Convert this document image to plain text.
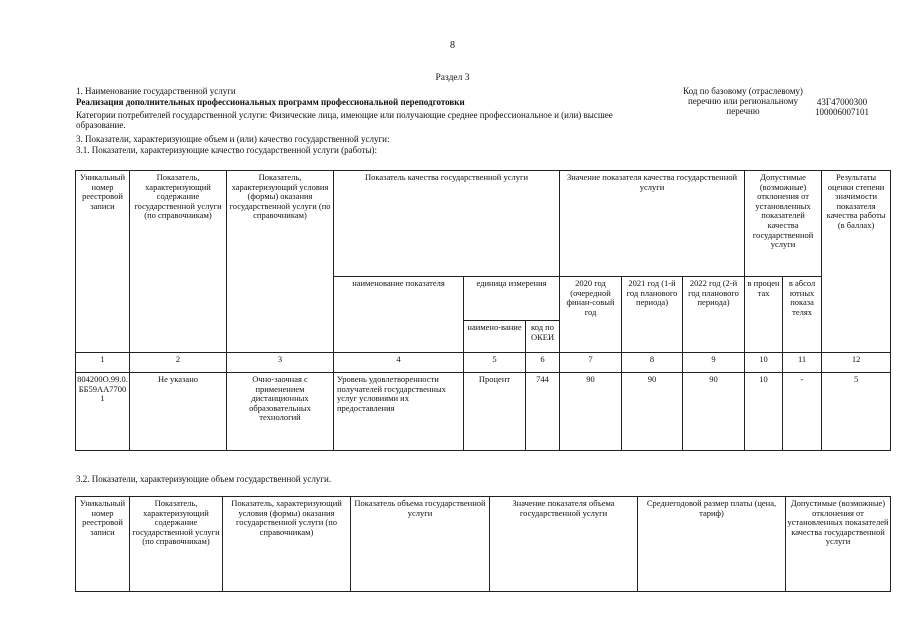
8
Раздел 3
1. Наименование государственной услуги
Реализация дополнительных профессиональных программ профессиональной переподготовки
Категории потребителей государственной услуги: Физические лица, имеющие или получающие среднее профессиональное и (или) высшее образование.
3. Показатели, характеризующие объем и (или) качество государственной услуги:
3.1. Показатели, характеризующие качество государственной услуги (работы):
Код по базовому (отраслевому) перечню или региональному перечню
43Г47000300
100006007101
Уникальный номер реестровой записи	Показатель, характеризующий содержание государственной услуги (по справочникам)	Показатель, характеризующий условия (формы) оказания государственной услуги (по справочникам)	Показатель качества государственной услуги			Значение показателя качества государственной услуги			Допустимые (возможные) отклонения от установленных показателей качества государственной услуги		Результаты оценки степени значимости показателя качества работы (в баллах)
			наименование показателя	единица измерения		2020 год (очередной финан-совый год	2021 год (1-й год планового периода)	2022 год (2-й год планового периода)	в процен тах	в абсол ютных показа телях	
				наимено-вание	код по ОКЕИ						
1	2	3	4	5	6	7	8	9	10	11	12
804200О.99.0.ББ59АА77001	Не указано	Очно-заочная с применением дистанционных образовательных технологий	Уровень удовлетворенности получателей государственных услуг условиями их предоставления	Процент	744	90	90	90	10	-	5
3.2. Показатели, характеризующие объем государственной услуги.
Уникальный номер реестровой записи	Показатель, характеризующий содержание государственной услуги (по справочникам)	Показатель, характеризующий условия (формы) оказания государственной услуги (по справочникам)	Показатель объема государственной услуги	Значение показателя объема государственной услуги	Среднегодовой размер платы (цена, тариф)	Допустимые (возможные) отклонения от установленных показателей качества государственной услуги
